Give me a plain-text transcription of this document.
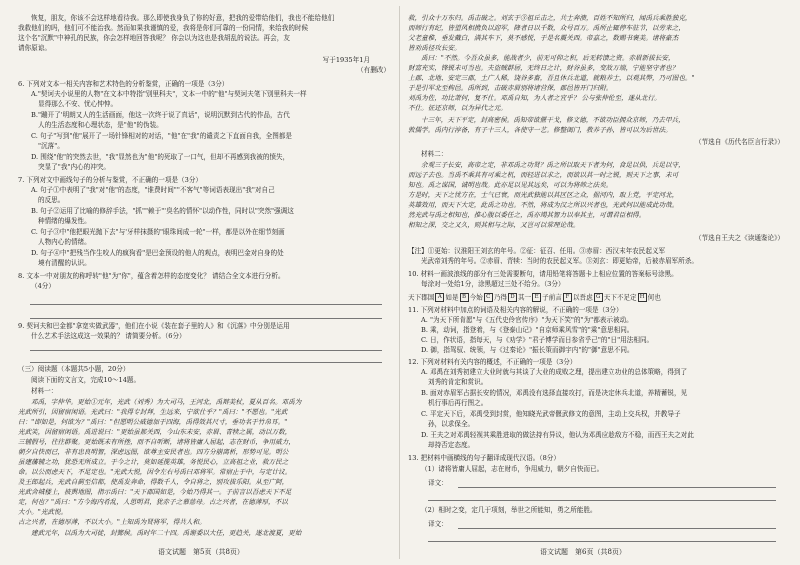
恢复，朋友，你该不会这样地看待我。那么即使我身负了你的好意，把我的爱带给他们，我也不能给他们

我救他们的吗，他们可不能治我。然而如果我谨慎的爱，我将是你们可靠的一份同情，来给我的时候

这个名"沉默"中神孔的民族，你会怎样地回答我呢？ 你会以为这也是我胡乱的说法。再会，友

请你原谅。

写于1935年1月

（有删改）

6. 下列对文本一相关内容和艺术特色的分析鉴赏，正确的一项是（3分）

A."契诃夫小说里的人物"在文本中特指"别里科夫"，文本一中的"他"与契诃夫笔下别里科夫一样

显得那么不安、忧心忡忡。

B."蹦开了'明朗又人的生活画面，他这一次终于说了真话"，说明沉默到古代的作品，古代

人的生活态度和心理状态，是"他"的伪装。

C. 句子"写到"他"展开了一场针锋相对的对话，"他"在"我"的谴责之下直面自我，全图都是

"沉落"。

D. 围绕"他"的突然去世，"我"显然也为"他"的死取了一口气，但却不再感到我被的愤失，

突显了"我"内心的冲突。

7. 下列对文中画线句子的分析与鉴赏，不正确的一项是（3分）

A. 句子①中表明了"我"对"他"的态度，"谁费时间""不客气"等词语表现出"我"对自己

的反思。

B. 句子②运用了比喻的修辞手法，"抓""赖于"'臭名的情怀"以动作性，同时以"突然"强调这

种情绪的爆发性。

C. 句子③中"他把眼光抛下去"与'牙样抹摄的"眼珠间成一轮"一样，都是以外在细节刻画

人物内心的情绪。

D. 句子④中"把残当作生咬人的疯狗看"是巴金预设的他人的观点，表明巴金对自身的处

境有清醒的认识。

8. 文本一中对朋友的称呼转"他"为"你"，蕴含着怎样的态度变化？ 请结合全文本进行分析。

（4分）

9. 契诃夫和巴金都"拿宽实做武器"，他们在小说《装在套子里的人》和《沉落》中分别是运用

什么艺术手法这成这一效果的？ 请简要分析。（6分）

（三）阅读题（本题共5小题，20分）

阅读下面的文言文，完成10～14题。

材料一：

邓禹，字仲华。更始①元年，光武（刘秀）为大司马，王河北，禹辩美杖，夏从百名。邓禹为

光武所引，因留宿闲语。光武曰："我得专封拜，生远来，宁欲仕乎？"禹曰："不愿也。"光武

曰："即如是，何欲为？"禹曰："但愿明公威德加于四海，禹得效其尺寸，垂功名于竹帛耳。"

光武笑，因留宿闲语。禹进说曰："更始虽都关西，今山东未安，赤眉、青犊之属，动以万数，

三辅假号，往往群聚。更始既未有所挫，而不自听断，诸将皆庸人屈起，志在财币，争用威力，

朝夕自快而已，非有忠良明智，深虑远图，欲尊主安民者也。四方分崩离析，形势可见。明公

虽建藩辅之功，犹恐无所成立。于今之计，莫如延揽英雄，务悦民心，立高祖之业，救万民之

命。以公而虑天下，不足定也。"光武大悦，因令左右号禹曰邓将军。常宿止于中，与定计议。

及王郎起兵，光武自蓟至信都，使禹发奔命，得数千人，令自将之，别攻拔乐阳。从至广阿，

光武舍城楼上，披舆地图，指示禹曰："天下郡国如是，今始乃得其一。子前言以吾虑天下不足

定，何也？"禹曰："方今海内肴乱，人思明君，犹赤子之慕慈母。古之兴者，在德薄厚，不以

大小。"光武悦。

古之兴者，在德厚薄，不以大小。"上知禹为贤将军，得共人和。

建武元年，以禹为大司徒，封酂侯。禹时年二十四。禹谢委以大任，更趋关，遂北渡夏，更始

语文试题　第5页（共8页）

救，引众十万东归。禹击破之。刘玄于③祖丘击之，共士奔溃，百姓不知所归，闻禹兵乘胜独克，

而师行有纪，皆望风相携负以迎军，降者日以千数，众号百万。禹所止辄停车驻节，以劳来之，

父老童稚，垂发戴白，满其车下，莫不感悦，于是名震关西。帝嘉之，数赐书褒美。诸将豪杰

皆劝禹径攻长安。

禹曰："不然。今吾众虽多，能战者少，前无可仰之积，后无转馈之资。赤眉新拔长安，

财富充实，锋锐未可当也。夫盗贼群居，无终日之计，财谷虽多，变故万端，宁能坚守者也？

上郡、北地、安定三郡，土广人稀，饶谷多畜，吾且休兵北道，就粮养士，以观其弊，乃可图也。"

于是引军北至枸邑。禹所到，击破赤眉别将诸营保，郡邑皆开门归附。

刘禹为佐，功比萧何，复不仕。邓禹自知，为人者之宜乎？ 公与张仲伦至，遂从北行。

不仕。征还京师，以为异代之元。

十三年，天下平定，封高密侯。禹知帝欲偃干戈，修文德，不欲功臣拥众京师，乃去甲兵，

敦儒学。禹内行淳备，有子十三人，各使守一艺。修整闺门，教养子孙，皆可以为后世法。

（节选自《历代名臣言行录》）

材料二：

余观三子长安，高帝之定，非邓禹之功贤？禹之所以取天下者为何，食足以供，兵足以守，

而远子去也。当禹不乘其有可乘之机，而轻进以求之，而欲以其一时之锐，则天下之事，未可

知也。禹之谋国，诚明也哉。此亦足以见其远矣，可以为将帅之法矣。

方是时，天下之忧方在，士气已衰，而光武独能以其区区之众，据河内，取上党，平定河北，

英雄效用，而天下大定，此禹之功也。不然，将成为汉之所以兴者也，光武何以能成此功哉。

然光武与禹之相知也，推心腹以委任之，禹亦竭其智力以奉其主，可谓君臣相得。

相知之深，交之又久，则其相与之际，又岂可以常理论哉。

（节选自王夫之《读通鉴论》）

【注】①更始：汉淮阳王刘玄的年号。②征：征召、任用。③赤眉：西汉末年农民起义军

光武帝刘秀的年号。②赤眉、青犊：当时的农民起义军。③刘玄：即更始帝，后被赤眉军所杀。

10. 材料一画波浪线的部分有三处需要断句，请用铅笔将答题卡上相应位置的答案标号涂黑。

每涂对一处给1分，涂黑超过三处不给分。（3分）

天下郡国 A 如是 B 今始 C 乃得 D 其一 E 子前言 F 以吾虑 G 天下不足定 H 何也

11. 下列对材料中加点的词语及相关内容的解说，不正确的一项是（3分）

A. "为天下所肯愿"与《五代史伶官传序》"为天下笑"的"为"都表示被动。

B. 乘，动词，指登着，与《登泰山记》"自京师乘风雪"的"乘"意思相同。

C. 日，作状语，指每天，与《劝学》"君子博学而日参省乎己"的"日"用法相同。

D. 御，指驾驭、统领，与《过秦论》"振长策而御宇内"的"御"意思不同。

12. 下列对材料有关内容的概述，不正确的一项是（3分）

A. 邓禹在刘秀初建立大业时就与其谈了大业的成败之理，提出建立功业的总体策略，得到了

刘秀的肯定和赏识。

B. 面对赤眉军占据长安的情况，邓禹没有选择直接攻打，而是决定休兵北道，养精蓄锐，见

机行事后再行图之。

C. 平定天下后，邓禹受到封赏，他知晓光武帝偃武修文的意图，主动上交兵权，并教导子

孙，以求保全。

D. 王夫之对邓禹轻视其乘胜进取的做法持有异议，他认为邓禹应趁敌方不稳，而西王夫之对此

却持否定态度。

13. 把材料中画横线的句子翻译成现代汉语。（8分）

（1）诸将皆庸人屈起，志在财币，争用威力，朝夕自快而已。

译文：

（2）相时之变，定几于项刻，举世之所能知，勇之所能胜。

译文：

语文试题　第6页（共8页）
